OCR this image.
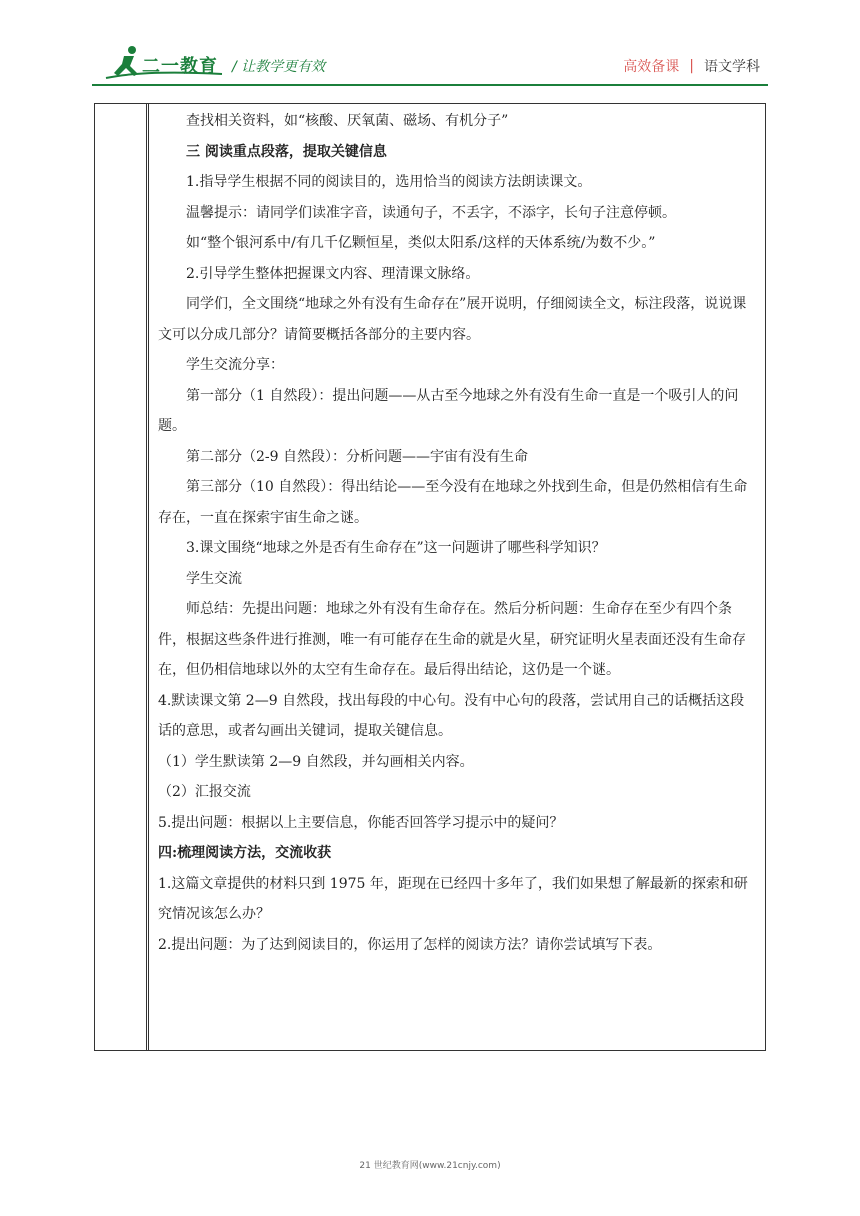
二一教育 / 让教学更有效	高效备课 | 语文学科

查找相关资料，如“核酸、厌氧菌、磁场、有机分子”

三 阅读重点段落，提取关键信息

1.指导学生根据不同的阅读目的，选用恰当的阅读方法朗读课文。

温馨提示：请同学们读准字音，读通句子，不丢字，不添字，长句子注意停顿。

如“整个银河系中/有几千亿颗恒星，类似太阳系/这样的天体系统/为数不少。”

2.引导学生整体把握课文内容、理清课文脉络。

同学们，全文围绕“地球之外有没有生命存在”展开说明，仔细阅读全文，标注段落，说说课文可以分成几部分？请简要概括各部分的主要内容。

学生交流分享：

第一部分（1 自然段）：提出问题——从古至今地球之外有没有生命一直是一个吸引人的问题。

第二部分（2-9 自然段）：分析问题——宇宙有没有生命

第三部分（10 自然段）：得出结论——至今没有在地球之外找到生命，但是仍然相信有生命存在，一直在探索宇宙生命之谜。

3.课文围绕“地球之外是否有生命存在”这一问题讲了哪些科学知识？

学生交流

师总结：先提出问题：地球之外有没有生命存在。然后分析问题：生命存在至少有四个条件，根据这些条件进行推测，唯一有可能存在生命的就是火星，研究证明火星表面还没有生命存在，但仍相信地球以外的太空有生命存在。最后得出结论，这仍是一个谜。

4.默读课文第 2—9 自然段，找出每段的中心句。没有中心句的段落，尝试用自己的话概括这段话的意思，或者勾画出关键词，提取关键信息。

（1）学生默读第 2—9 自然段，并勾画相关内容。

（2）汇报交流

5.提出问题：根据以上主要信息，你能否回答学习提示中的疑问？

四:梳理阅读方法，交流收获

1.这篇文章提供的材料只到 1975 年，距现在已经四十多年了，我们如果想了解最新的探索和研究情况该怎么办？

2.提出问题：为了达到阅读目的，你运用了怎样的阅读方法？请你尝试填写下表。

21 世纪教育网(www.21cnjy.com)
